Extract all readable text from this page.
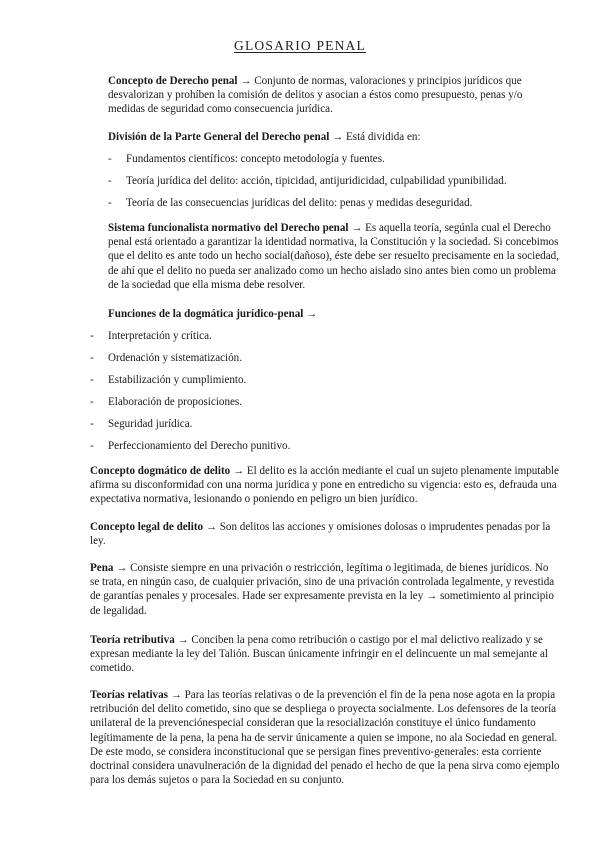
GLOSARIO PENAL

Concepto de Derecho penal → Conjunto de normas, valoraciones y principios jurídicos que desvalorizan y prohíben la comisión de delitos y asocian a éstos como presupuesto, penas y/o medidas de seguridad como consecuencia jurídica.

División de la Parte General del Derecho penal → Está dividida en:

- Fundamentos científicos: concepto metodología y fuentes.
- Teoría jurídica del delito: acción, tipicidad, antijuridicidad, culpabilidad ypunibilidad.
- Teoría de las consecuencias jurídicas del delito: penas y medidas deseguridad.

Sistema funcionalista normativo del Derecho penal → Es aquella teoría, segúnla cual el Derecho penal está orientado a garantizar la identidad normativa, la Constitución y la sociedad. Si concebimos que el delito es ante todo un hecho social(dañoso), éste debe ser resuelto precisamente en la sociedad, de ahí que el delito no pueda ser analizado como un hecho aislado sino antes bien como un problema de la sociedad que ella misma debe resolver.

Funciones de la dogmática jurídico-penal →

- Interpretación y crítica.
- Ordenación y sistematización.
- Estabilización y cumplimiento.
- Elaboración de proposiciones.
- Seguridad jurídica.
- Perfeccionamiento del Derecho punitivo.

Concepto dogmático de delito → El delito es la acción mediante el cual un sujeto plenamente imputable afirma su disconformidad con una norma jurídica y pone en entredicho su vigencia: esto es, defrauda una expectativa normativa, lesionando o poniendo en peligro un bien jurídico.

Concepto legal de delito → Son delitos las acciones y omisiones dolosas o imprudentes penadas por la ley.

Pena → Consiste siempre en una privación o restricción, legítima o legitimada, de bienes jurídicos. No se trata, en ningún caso, de cualquier privación, sino de una privación controlada legalmente, y revestida de garantías penales y procesales. Hade ser expresamente prevista en la ley → sometimiento al principio de legalidad.

Teoría retributiva → Conciben la pena como retribución o castigo por el mal delictivo realizado y se expresan mediante la ley del Talión. Buscan únicamente infringir en el delincuente un mal semejante al cometido.

Teorías relativas → Para las teorías relativas o de la prevención el fin de la pena nose agota en la propia retribución del delito cometido, sino que se despliega o proyecta socialmente. Los defensores de la teoría unilateral de la prevenciónespecial consideran que la resocialización constituye el único fundamento legítimamente de la pena, la pena ha de servir únicamente a quien se impone, no ala Sociedad en general. De este modo, se considera inconstitucional que se persigan fines preventivo-generales: esta corriente doctrinal considera unavulneración de la dignidad del penado el hecho de que la pena sirva como ejemplo para los demás sujetos o para la Sociedad en su conjunto.
